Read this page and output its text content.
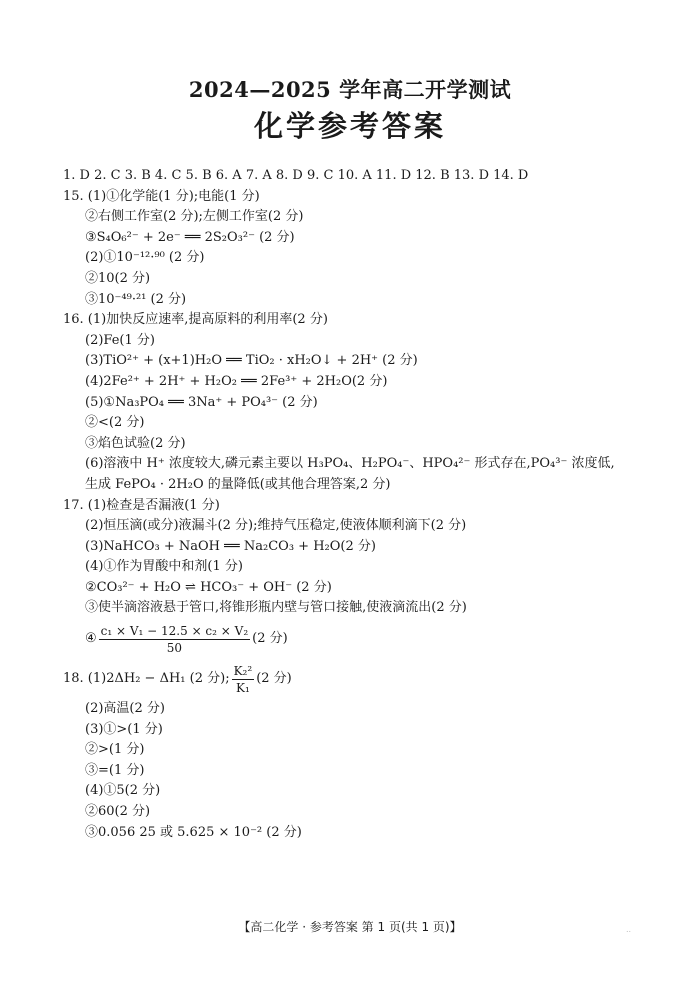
2024—2025 学年高二开学测试
化学参考答案
1. D 2. C 3. B 4. C 5. B 6. A 7. A 8. D 9. C 10. A 11. D 12. B 13. D 14. D
15. (1)①化学能(1 分);电能(1 分)
②右侧工作室(2 分);左侧工作室(2 分)
③S₄O₆²⁻ + 2e⁻ ══ 2S₂O₃²⁻ (2 分)
(2)①10⁻¹²·⁹⁰ (2 分)
②10(2 分)
③10⁻⁴⁹·²¹ (2 分)
16. (1)加快反应速率,提高原料的利用率(2 分)
(2)Fe(1 分)
(3)TiO²⁺ + (x+1)H₂O ══ TiO₂ · xH₂O↓ + 2H⁺ (2 分)
(4)2Fe²⁺ + 2H⁺ + H₂O₂ ══ 2Fe³⁺ + 2H₂O(2 分)
(5)①Na₃PO₄ ══ 3Na⁺ + PO₄³⁻ (2 分)
②<(2 分)
③焰色试验(2 分)
(6)溶液中 H⁺ 浓度较大,磷元素主要以 H₃PO₄、H₂PO₄⁻、HPO₄²⁻ 形式存在,PO₄³⁻ 浓度低,
生成 FePO₄ · 2H₂O 的量降低(或其他合理答案,2 分)
17. (1)检查是否漏液(1 分)
(2)恒压滴(或分)液漏斗(2 分);维持气压稳定,使液体顺利滴下(2 分)
(3)NaHCO₃ + NaOH ══ Na₂CO₃ + H₂O(2 分)
(4)①作为胃酸中和剂(1 分)
②CO₃²⁻ + H₂O ⇌ HCO₃⁻ + OH⁻ (2 分)
③使半滴溶液悬于管口,将锥形瓶内壁与管口接触,使液滴流出(2 分)
④ $\frac{\text{c₁ × V₁ − 12.5 × c₂ × V₂}}{50} (2$ 分)
18. (1)2ΔH₂ − ΔH₁ (2 分); $\frac{\text{K₂²}}{\text{K₁}} (2$ 分)
(2)高温(2 分)
(3)①>(1 分)
②>(1 分)
③=(1 分)
(4)①5(2 分)
②60(2 分)
③0.056 25 或 5.625 × 10⁻² (2 分)
【高二化学 · 参考答案 第 1 页(共 1 页)】	..
